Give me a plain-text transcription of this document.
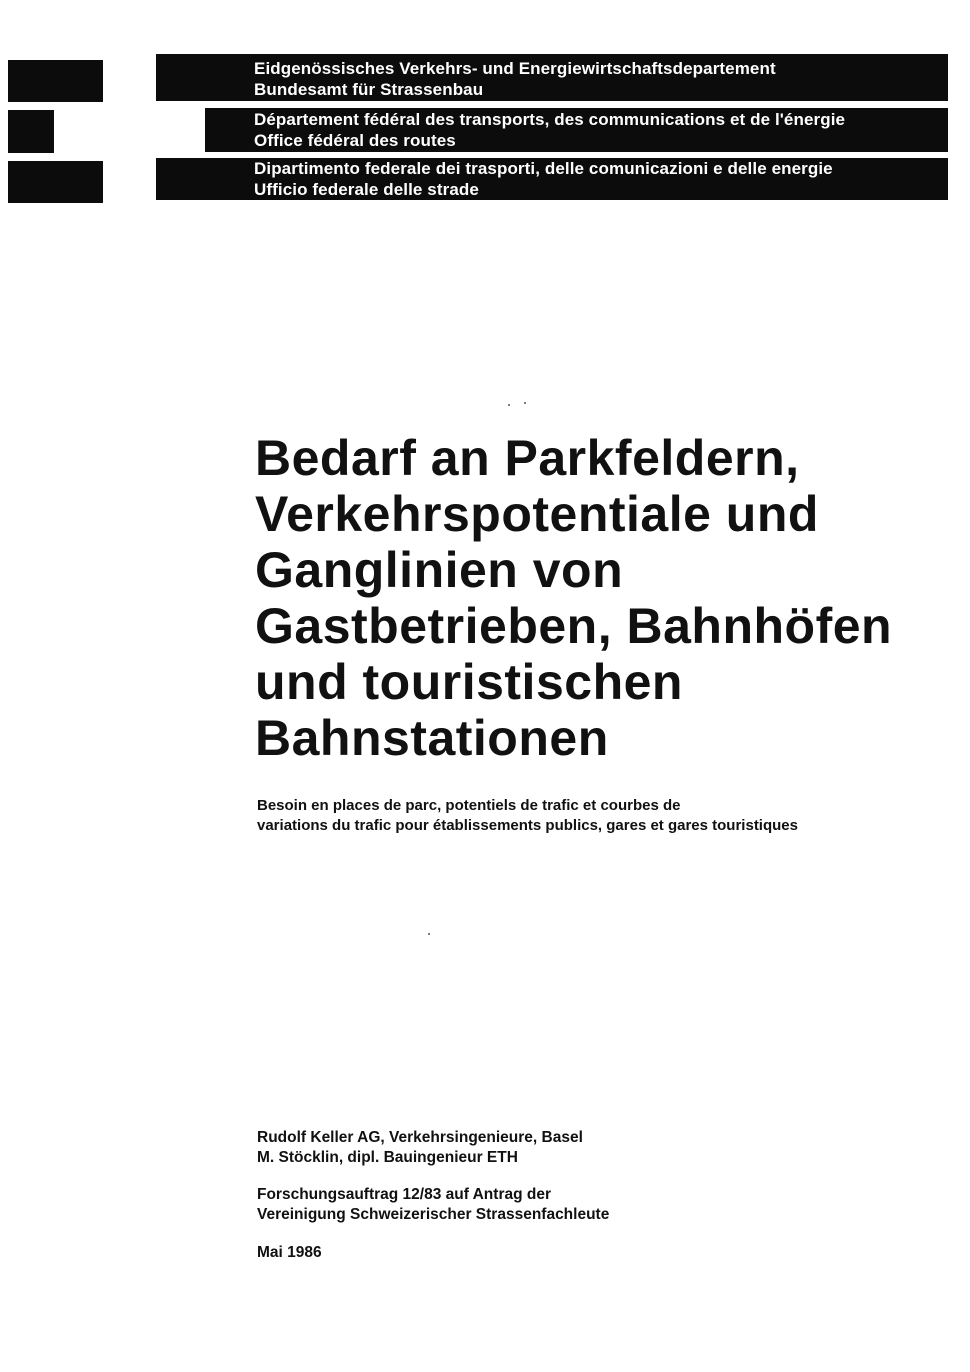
Eidgenössisches Verkehrs- und Energiewirtschaftsdepartement
Bundesamt für Strassenbau
Département fédéral des transports, des communications et de l'énergie
Office fédéral des routes
Dipartimento federale dei trasporti, delle comunicazioni e delle energie
Ufficio federale delle strade
Bedarf an Parkfeldern,
Verkehrspotentiale und
Ganglinien von
Gastbetrieben, Bahnhöfen
und touristischen
Bahnstationen
Besoin en places de parc, potentiels de trafic et courbes de
variations du trafic pour établissements publics, gares et gares touristiques
Rudolf Keller AG, Verkehrsingenieure, Basel
M. Stöcklin, dipl. Bauingenieur ETH
Forschungsauftrag 12/83 auf Antrag der
Vereinigung Schweizerischer Strassenfachleute
Mai 1986
